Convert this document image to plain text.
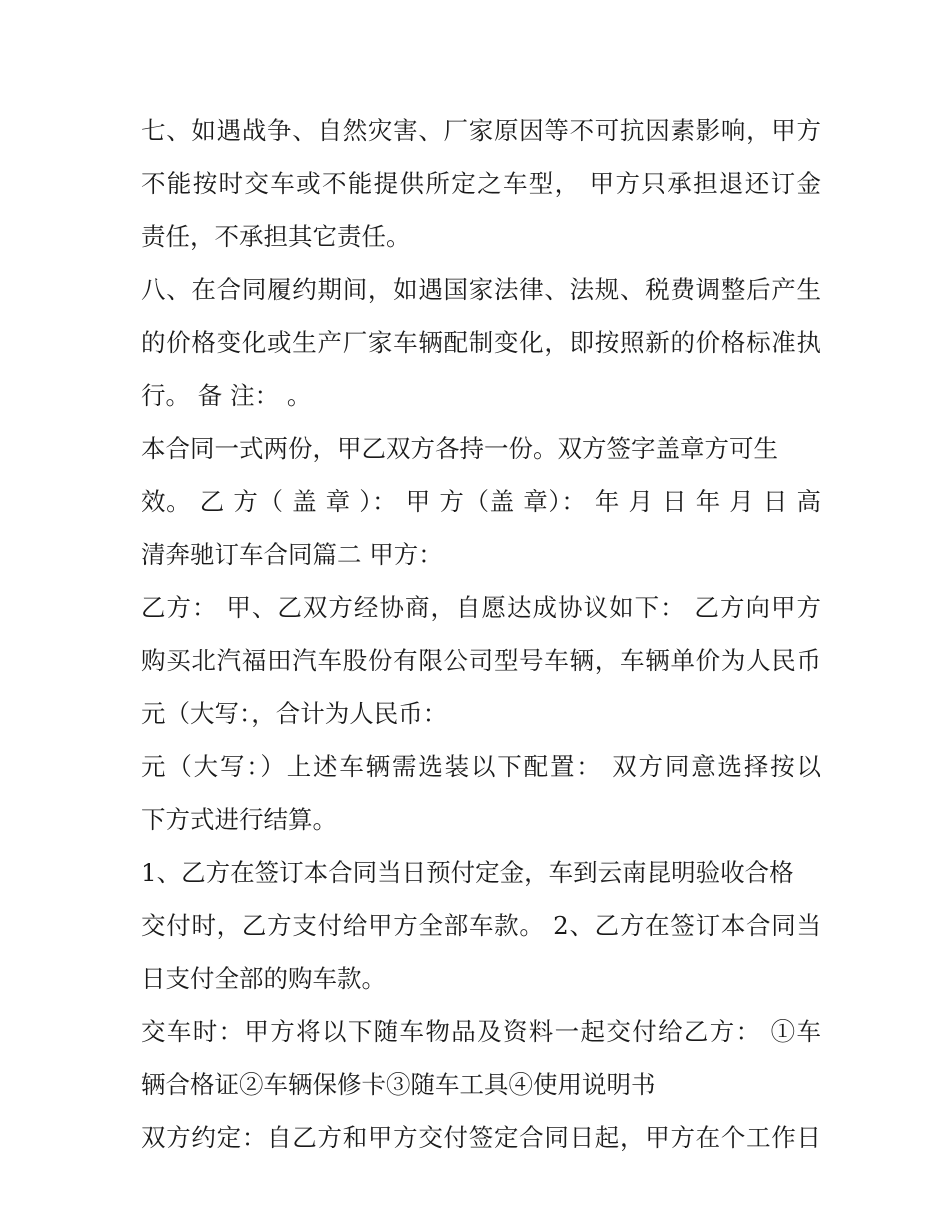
七、如遇战争、自然灾害、厂家原因等不可抗因素影响，甲方
不能按时交车或不能提供所定之车型， 甲方只承担退还订金
责任，不承担其它责任。
八、在合同履约期间，如遇国家法律、法规、税费调整后产生
的价格变化或生产厂家车辆配制变化，即按照新的价格标准执
行。 备 注： 。
本合同一式两份，甲乙双方各持一份。双方签字盖章方可生
效。 乙 方（ 盖 章 ）： 甲 方（盖 章）： 年 月 日 年 月 日 高
清奔驰订车合同篇二 甲方：
乙方： 甲、乙双方经协商，自愿达成协议如下： 乙方向甲方
购买北汽福田汽车股份有限公司型号车辆，车辆单价为人民币
元（大写：，合计为人民币：
元（大写：）上述车辆需选装以下配置： 双方同意选择按以
下方式进行结算。
1、乙方在签订本合同当日预付定金，车到云南昆明验收合格
交付时，乙方支付给甲方全部车款。 2、乙方在签订本合同当
日支付全部的购车款。
交车时：甲方将以下随车物品及资料一起交付给乙方： ①车
辆合格证②车辆保修卡③随车工具④使用说明书
双方约定：自乙方和甲方交付签定合同日起，甲方在个工作日
